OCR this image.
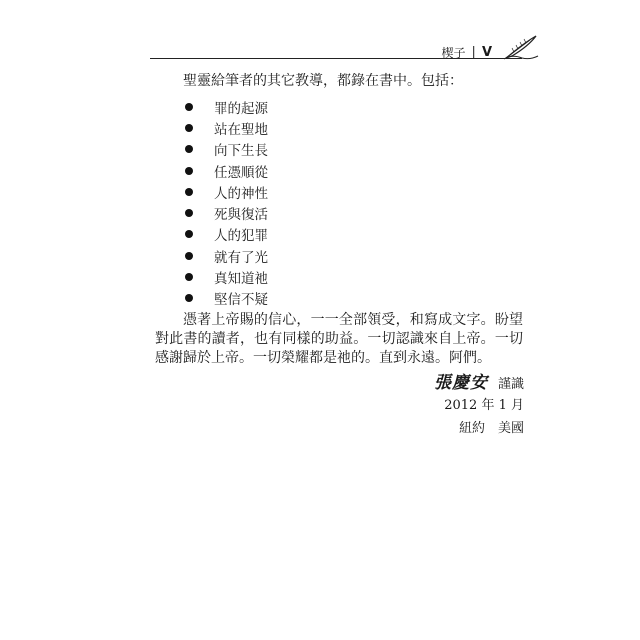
楔子 | V

聖靈給筆者的其它教導，都錄在書中。包括：

罪的起源
站在聖地
向下生長
任憑順從
人的神性
死與復活
人的犯罪
就有了光
真知道祂
堅信不疑

憑著上帝賜的信心，一一全部領受，和寫成文字。盼望對此書的讀者，也有同樣的助益。一切認識來自上帝。一切感謝歸於上帝。一切榮耀都是祂的。直到永遠。阿們。

張慶安 謹識
2012 年 1 月
紐約　美國
